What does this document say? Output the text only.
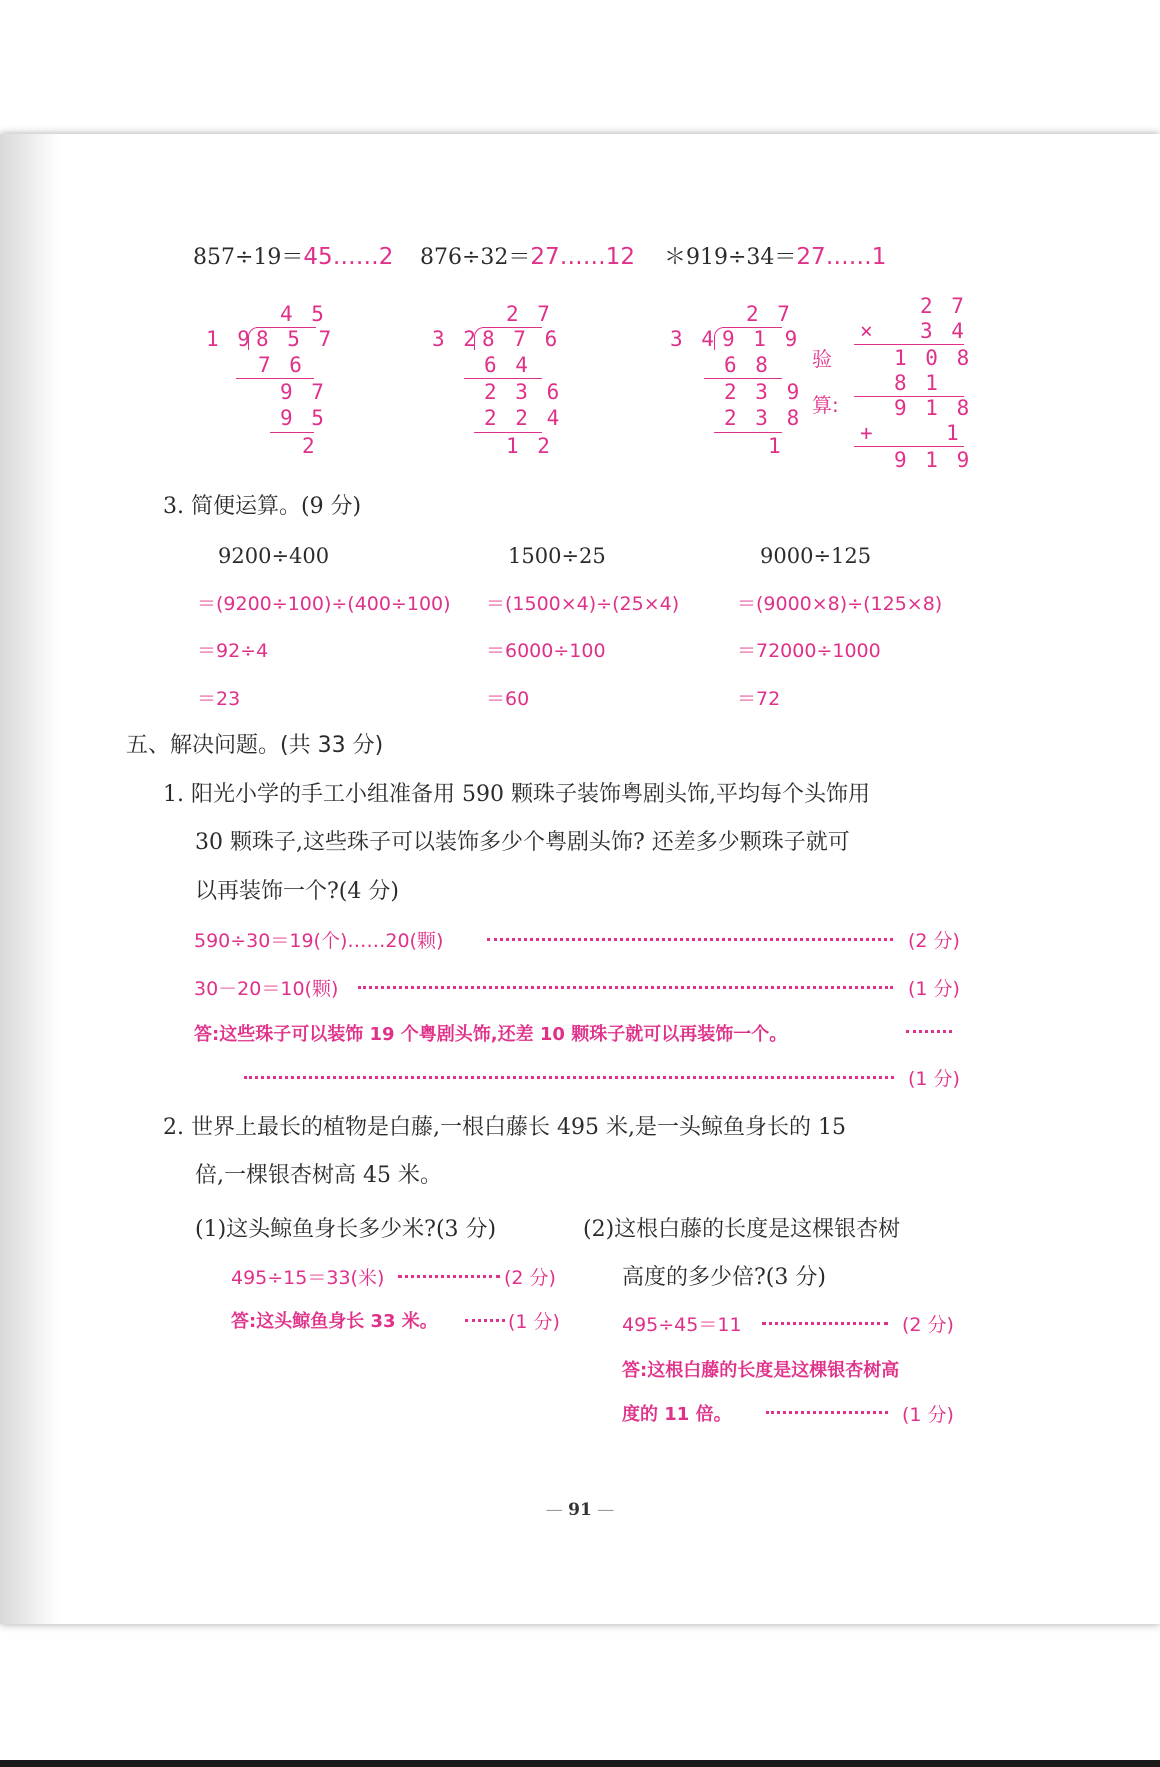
857÷19＝45……2 876÷32＝27……12 ＊919÷34＝27……1
4 5
1 9 8 5 7
7 6
9 7
9 5
2
2 7
3 2 8 7 6
6 4
2 3 6
2 2 4
1 2
2 7
3 4 9 1 9
6 8
2 3 9
2 3 8
1
验
算:
2 7
× 3 4
1 0 8
8 1
9 1 8
+	1
9 1 9
3. 简便运算。(9 分)
9200÷400
＝(9200÷100)÷(400÷100)
＝92÷4
＝23
1500÷25
＝(1500×4)÷(25×4)
＝6000÷100
＝60
9000÷125
＝(9000×8)÷(125×8)
＝72000÷1000
＝72
五、解决问题。(共 33 分)
1. 阳光小学的手工小组准备用 590 颗珠子装饰粤剧头饰,平均每个头饰用
30 颗珠子,这些珠子可以装饰多少个粤剧头饰? 还差多少颗珠子就可
以再装饰一个?(4 分)
590÷30＝19(个)……20(颗)	(2 分)
30－20＝10(颗)	(1 分)
答:这些珠子可以装饰 19 个粤剧头饰,还差 10 颗珠子就可以再装饰一个。
(1 分)
2. 世界上最长的植物是白藤,一根白藤长 495 米,是一头鲸鱼身长的 15
倍,一棵银杏树高 45 米。
(1)这头鲸鱼身长多少米?(3 分)
495÷15＝33(米)	(2 分)
答:这头鲸鱼身长 33 米。	(1 分)
(2)这根白藤的长度是这棵银杏树
高度的多少倍?(3 分)
495÷45＝11	(2 分)
答:这根白藤的长度是这棵银杏树高
度的 11 倍。	(1 分)
— 91 —
